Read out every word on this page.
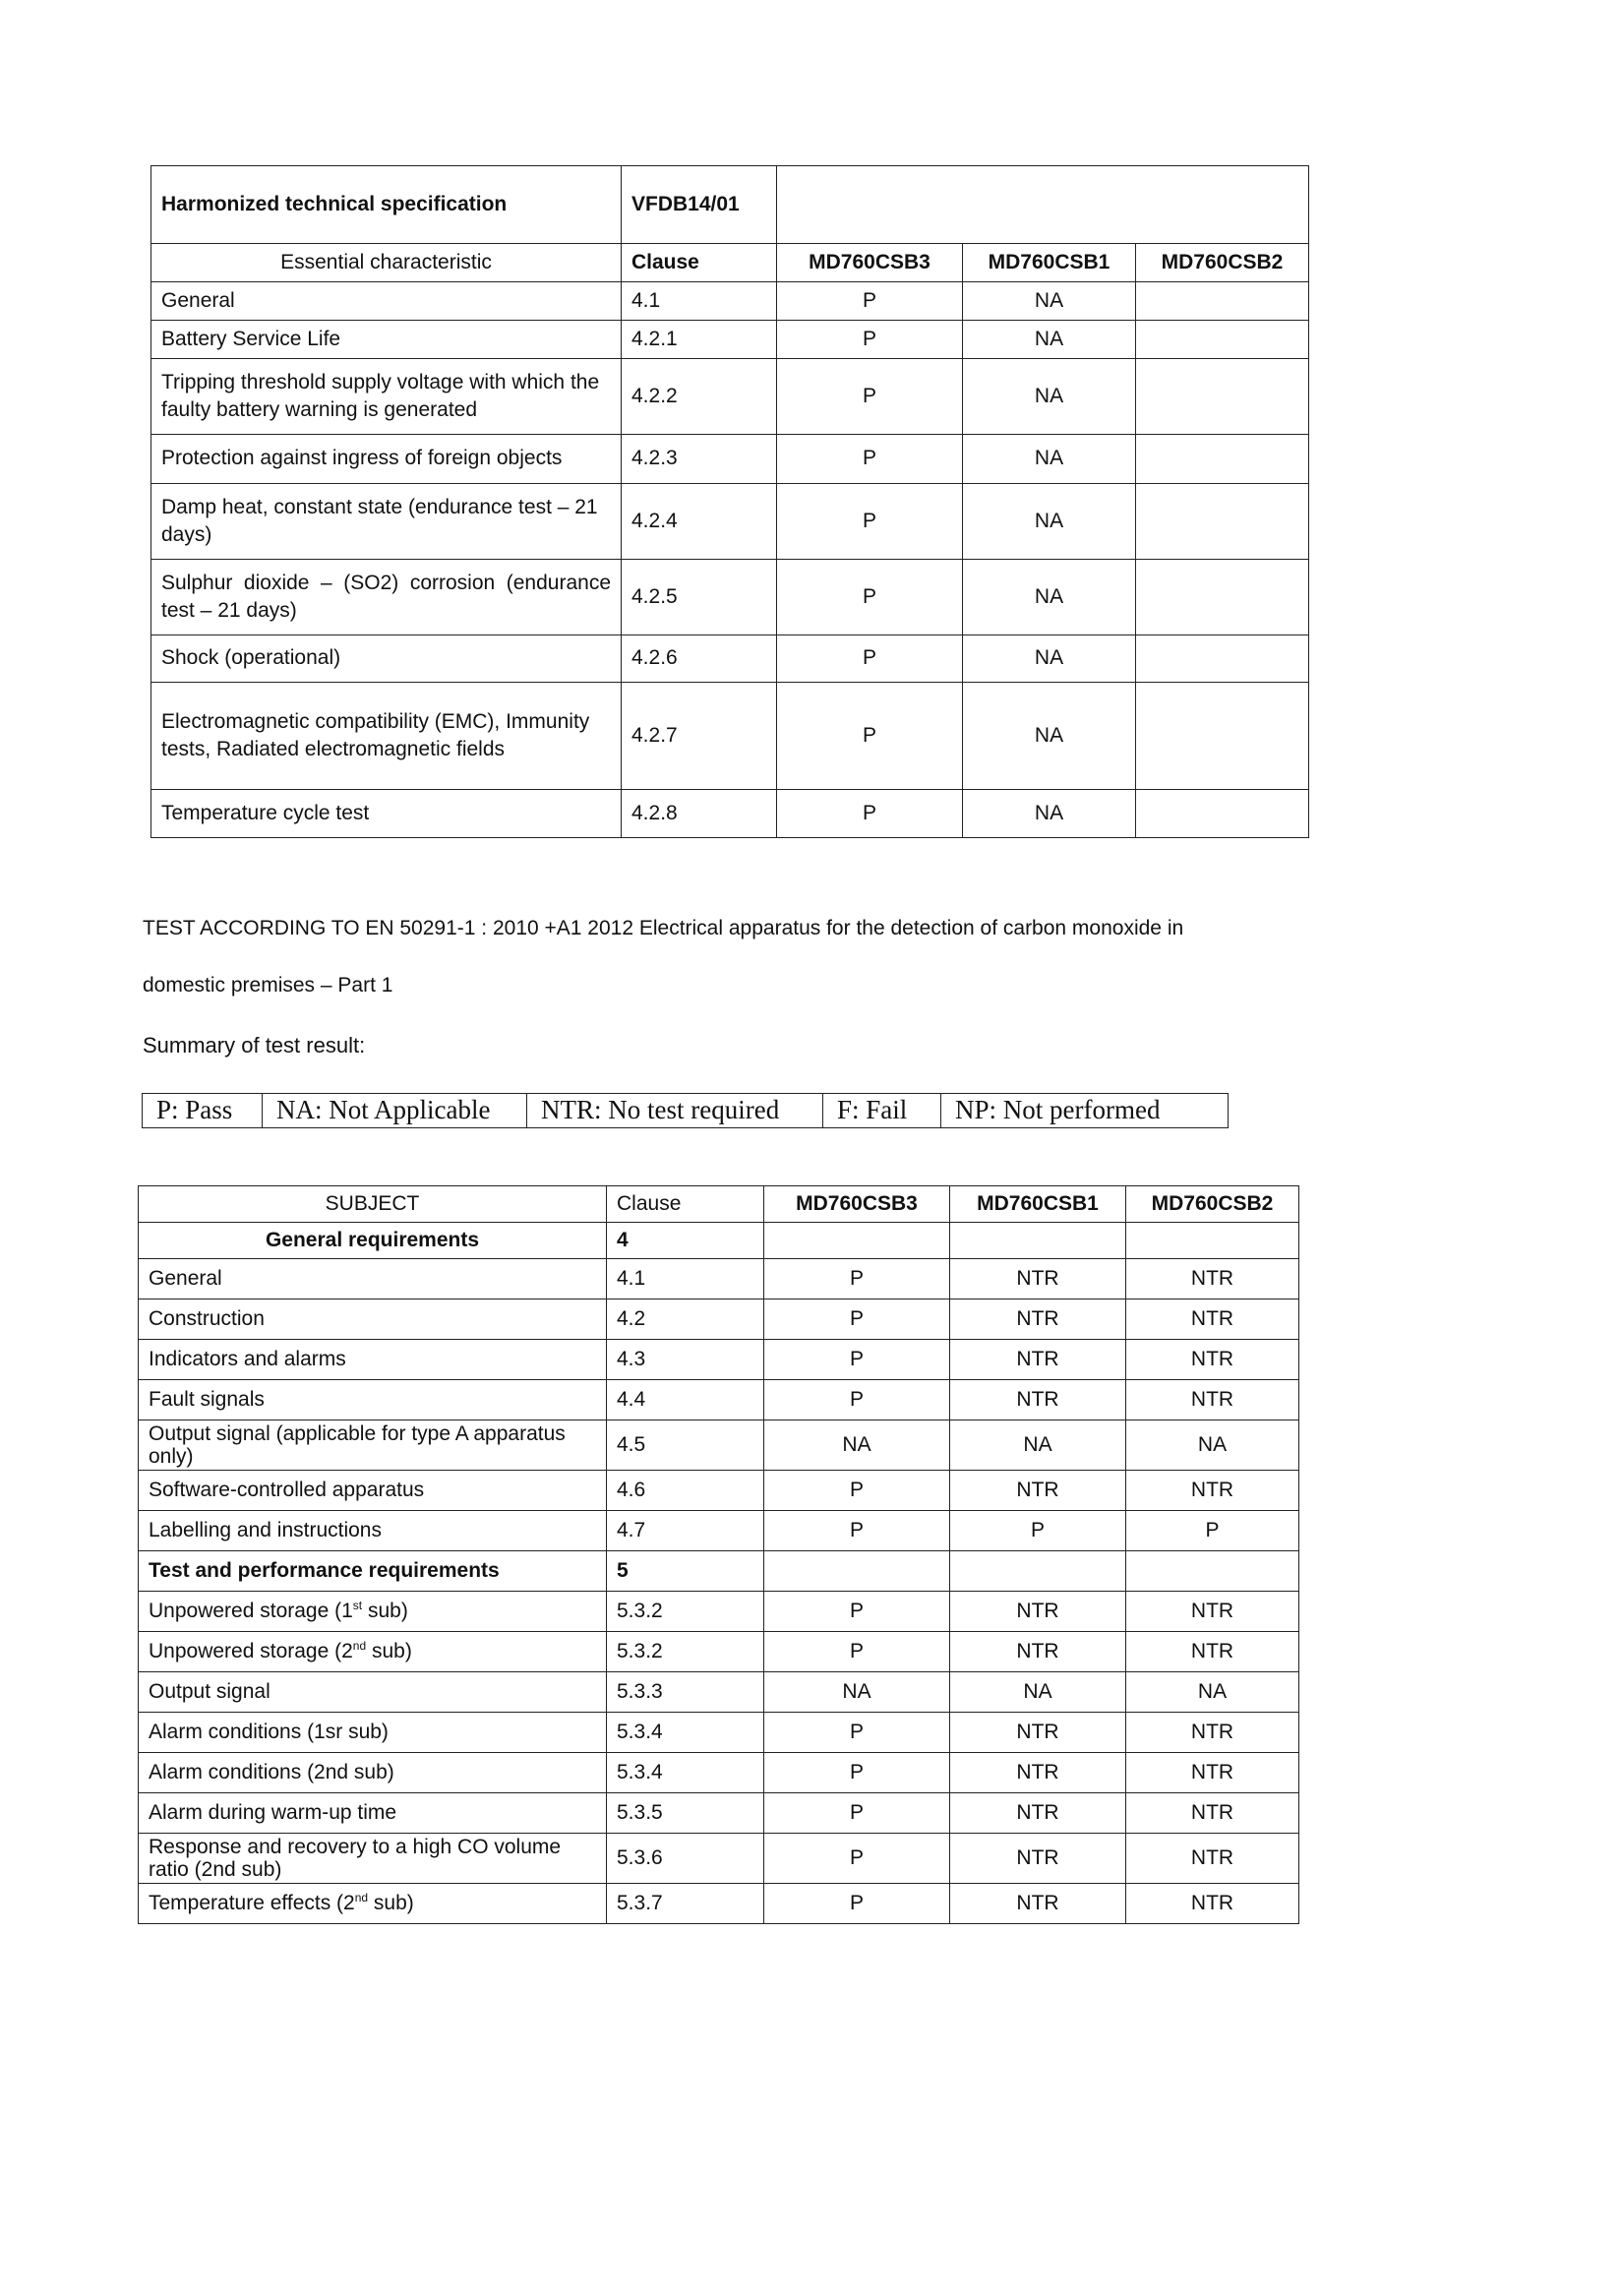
Harmonized technical specification	VFDB14/01			
Essential characteristic	Clause	MD760CSB3	MD760CSB1	MD760CSB2
General	4.1	P	NA	
Battery Service Life	4.2.1	P	NA	
Tripping threshold supply voltage with which the faulty battery warning is generated	4.2.2	P	NA	
Protection against ingress of foreign objects	4.2.3	P	NA	
Damp heat, constant state (endurance test – 21 days)	4.2.4	P	NA	
Sulphur dioxide – (SO2) corrosion (endurance test – 21 days)	4.2.5	P	NA	
Shock (operational)	4.2.6	P	NA	
Electromagnetic compatibility (EMC), Immunity tests, Radiated electromagnetic fields	4.2.7	P	NA	
Temperature cycle test	4.2.8	P	NA	
TEST ACCORDING TO EN 50291-1 : 2010 +A1 2012 Electrical apparatus for the detection of carbon monoxide in
domestic premises – Part 1
Summary of test result:
P: Pass	NA: Not Applicable	NTR: No test required	F: Fail	NP: Not performed
SUBJECT	Clause	MD760CSB3	MD760CSB1	MD760CSB2
General requirements	4			
General	4.1	P	NTR	NTR
Construction	4.2	P	NTR	NTR
Indicators and alarms	4.3	P	NTR	NTR
Fault signals	4.4	P	NTR	NTR
Output signal (applicable for type A apparatus only)	4.5	NA	NA	NA
Software-controlled apparatus	4.6	P	NTR	NTR
Labelling and instructions	4.7	P	P	P
Test and performance requirements	5			
Unpowered storage (1st sub)	5.3.2	P	NTR	NTR
Unpowered storage (2nd sub)	5.3.2	P	NTR	NTR
Output signal	5.3.3	NA	NA	NA
Alarm conditions (1sr sub)	5.3.4	P	NTR	NTR
Alarm conditions (2nd sub)	5.3.4	P	NTR	NTR
Alarm during warm-up time	5.3.5	P	NTR	NTR
Response and recovery to a high CO volume ratio (2nd sub)	5.3.6	P	NTR	NTR
Temperature effects (2nd sub)	5.3.7	P	NTR	NTR
